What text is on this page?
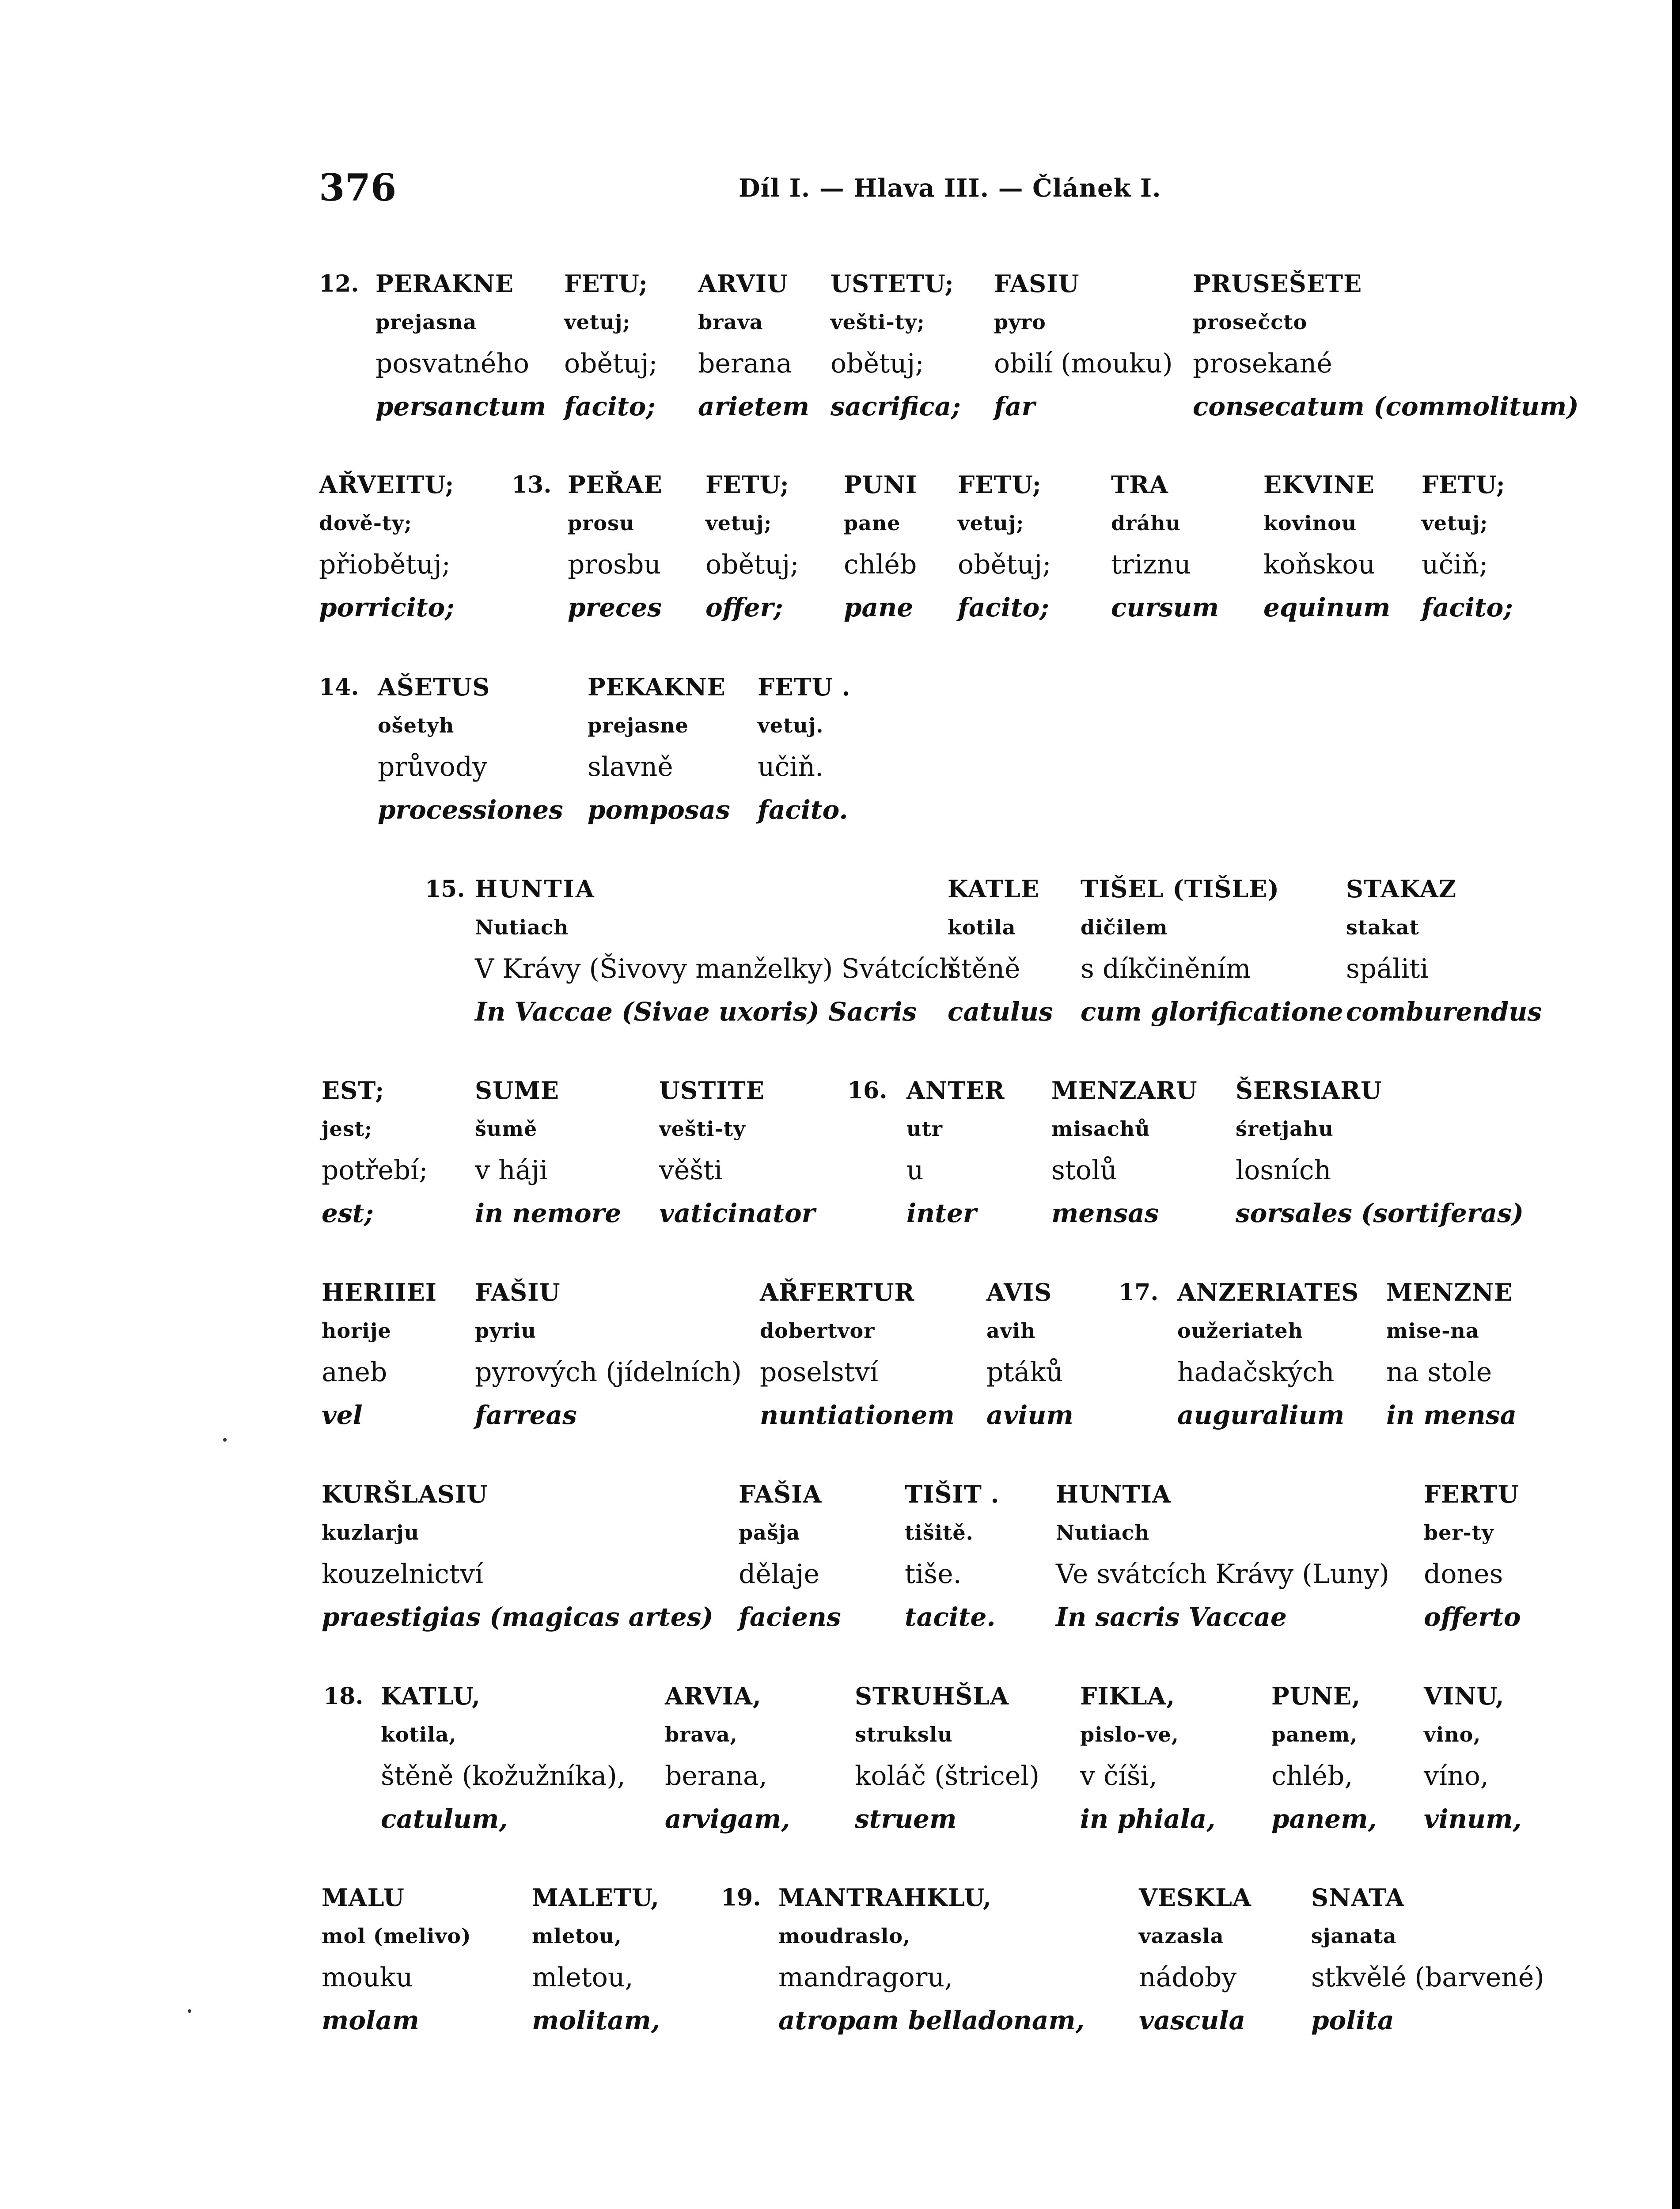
376	Díl I. — Hlava III. — Článek I.
12. PERAKNE
prejasna
posvatného
persanctum
FETU;
vetuj;
obětuj;
facito;
ARVIU
brava
berana
arietem
USTETU;
vešti-ty;
obětuj;
sacrifica;
FASIU
pyro
obilí (mouku)
far
PRUSEŠETE
prosečcto
prosekané
consecatum (commolitum)
13.
AŘVEITU;
dově-ty;
přiobětuj;
porricito;
PEŘAE
prosu
prosbu
preces
FETU;
vetuj;
obětuj;
offer;
PUNI
pane
chléb
pane
FETU;
vetuj;
obětuj;
facito;
TRA
dráhu
triznu
cursum
EKVINE
kovinou
koňskou
equinum
FETU;
vetuj;
učiň;
facito;
14. AŠETUS
ošetyh
průvody
processiones
PEKAKNE
prejasne
slavně
pomposas
FETU .
vetuj.
učiň.
facito.
15. HUNTIA
Nutiach
V Krávy (Šivovy manželky) Svátcích
In Vaccae (Sivae uxoris) Sacris
KATLE
kotila
štěně
catulus
TIŠEL (TIŠLE)
dičilem
s díkčiněním
cum glorificatione
STAKAZ
stakat
spáliti
comburendus
16.
EST;
jest;
potřebí;
est;
SUME
šumě
v háji
in nemore
USTITE
vešti-ty
věšti
vaticinator
ANTER
utr
u
inter
MENZARU
misachů
stolů
mensas
ŠERSIARU
śretjahu
losních
sorsales (sortiferas)
17.
HERIIEI
horije
aneb
vel
FAŠIU
pyriu
pyrových (jídelních)
farreas
AŘFERTUR
dobertvor
poselství
nuntiationem
AVIS
avih
ptáků
avium
ANZERIATES
oužeriateh
hadačských
auguralium
MENZNE
mise-na
na stole
in mensa
KURŠLASIU
kuzlarju
kouzelnictví
praestigias (magicas artes)
FAŠIA
pašja
dělaje
faciens
TIŠIT .
tišitě.
tiše.
tacite.
HUNTIA
Nutiach
Ve svátcích Krávy (Luny)
In sacris Vaccae
FERTU
ber-ty
dones
offerto
18. KATLU,
kotila,
štěně (kožužníka),
catulum,
ARVIA,
brava,
berana,
arvigam,
STRUHŠLA
strukslu
koláč (štricel)
struem
FIKLA,
pislo-ve,
v číši,
in phiala,
PUNE,
panem,
chléb,
panem,
VINU,
vino,
víno,
vinum,
19.
MALU
mol (melivo)
mouku
molam
MALETU,
mletou,
mletou,
molitam,
MANTRAHKLU,
moudraslo,
mandragoru,
atropam belladonam,
VESKLA
vazasla
nádoby
vascula
SNATA
sjanata
stkvělé (barvené)
polita
